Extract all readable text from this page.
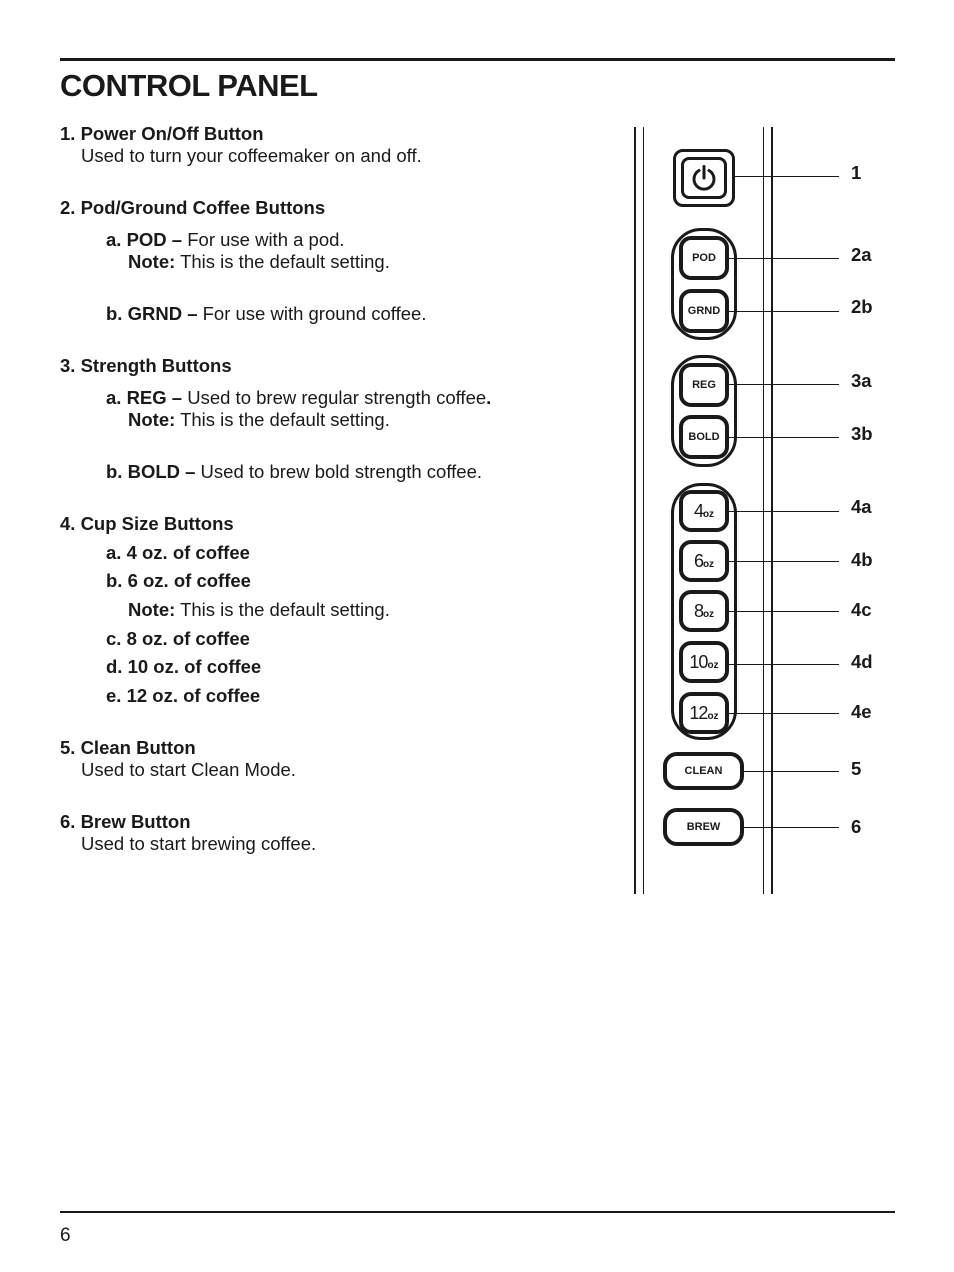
CONTROL PANEL
1. Power On/Off Button
Used to turn your coffeemaker on and off.
2. Pod/Ground Coffee Buttons
a. POD – For use with a pod.
Note: This is the default setting.
b. GRND – For use with ground coffee.
3. Strength Buttons
a. REG – Used to brew regular strength coffee.
Note: This is the default setting.
b. BOLD – Used to brew bold strength coffee.
4. Cup Size Buttons
a. 4 oz. of coffee
b. 6 oz. of coffee
Note: This is the default setting.
c. 8 oz. of coffee
d. 10 oz. of coffee
e. 12 oz. of coffee
5. Clean Button
Used to start Clean Mode.
6. Brew Button
Used to start brewing coffee.
POD
GRND
REG
BOLD
4 oz
6 oz
8 oz
10 oz
12 oz
CLEAN
BREW
1
2a
2b
3a
3b
4a
4b
4c
4d
4e
5
6
6
